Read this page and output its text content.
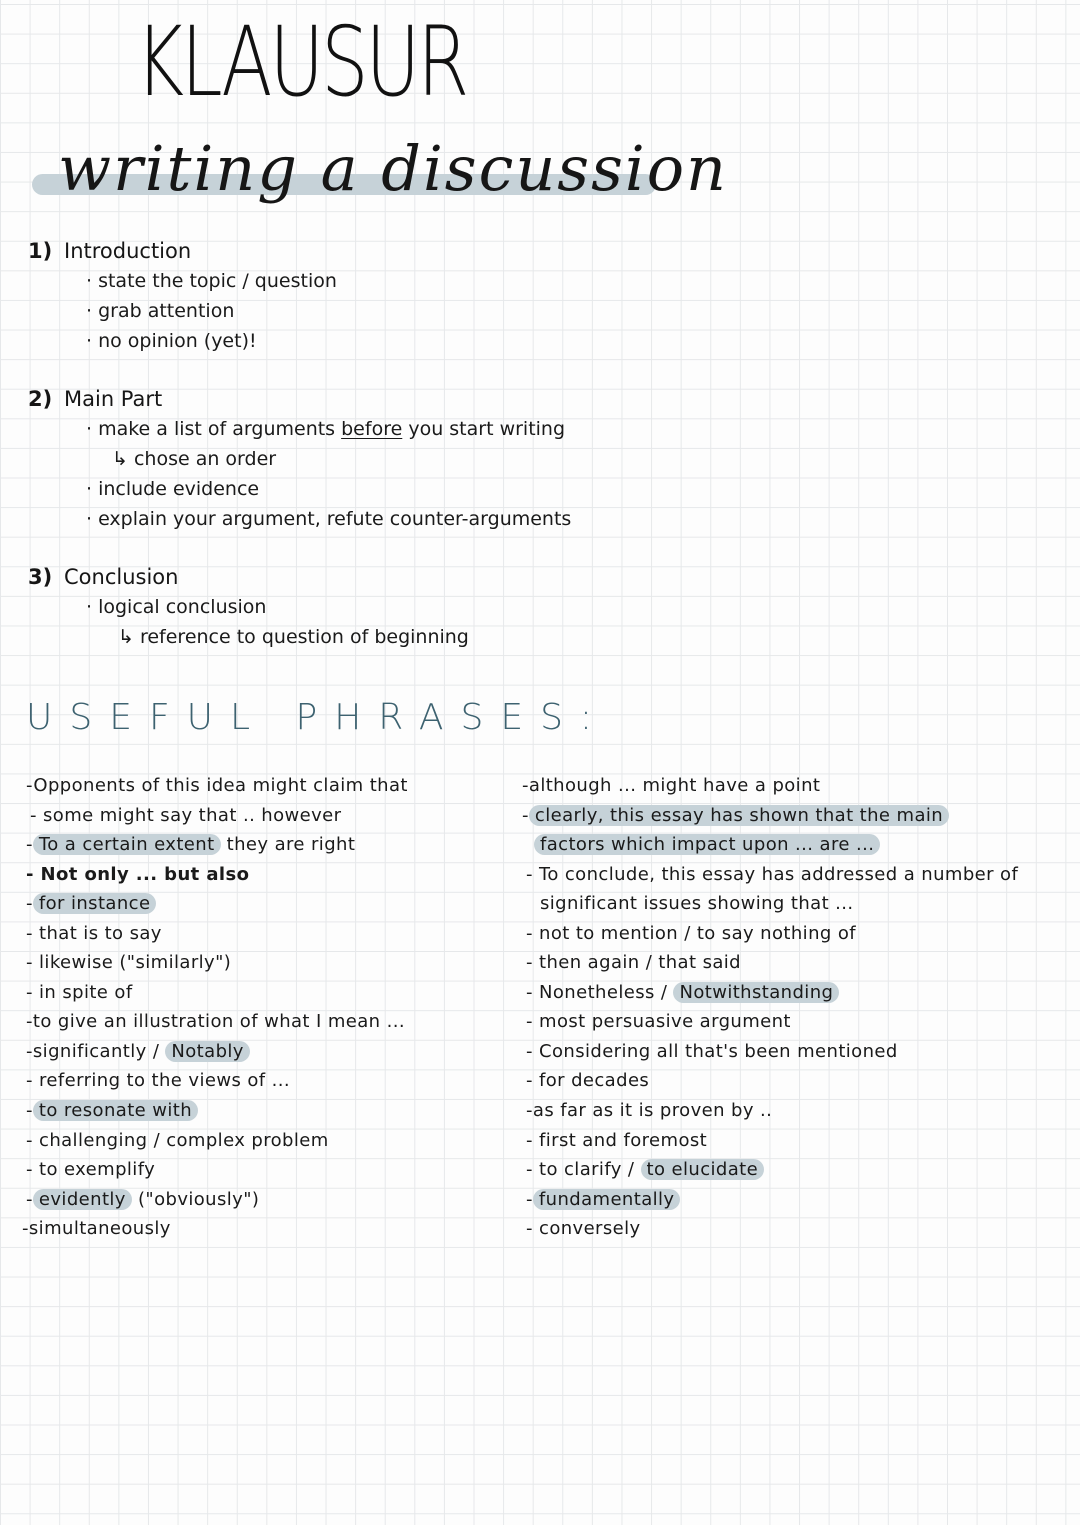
KLAUSUR
writing a discussion
1) Introduction
· state the topic / question
· grab attention
· no opinion (yet)!
2) Main Part
· make a list of arguments before you start writing
↳ chose an order
· include evidence
· explain your argument, refute counter-arguments
3) Conclusion
· logical conclusion
↳ reference to question of beginning
USEFUL PHRASES:
-Opponents of this idea might claim that
- some might say that .. however
- To a certain extent they are right
- Not only ... but also
- for instance
- that is to say
- likewise ("similarly")
- in spite of
-to give an illustration of what I mean ...
-significantly / Notably
- referring to the views of ...
- to resonate with
- challenging / complex problem
- to exemplify
- evidently ("obviously")
-simultaneously
-although ... might have a point
- clearly, this essay has shown that the main
factors which impact upon ... are ...
- To conclude, this essay has addressed a number of
significant issues showing that ...
- not to mention / to say nothing of
- then again / that said
- Nonetheless / Notwithstanding
- most persuasive argument
- Considering all that's been mentioned
- for decades
-as far as it is proven by ..
- first and foremost
- to clarify / to elucidate
- fundamentally
- conversely
